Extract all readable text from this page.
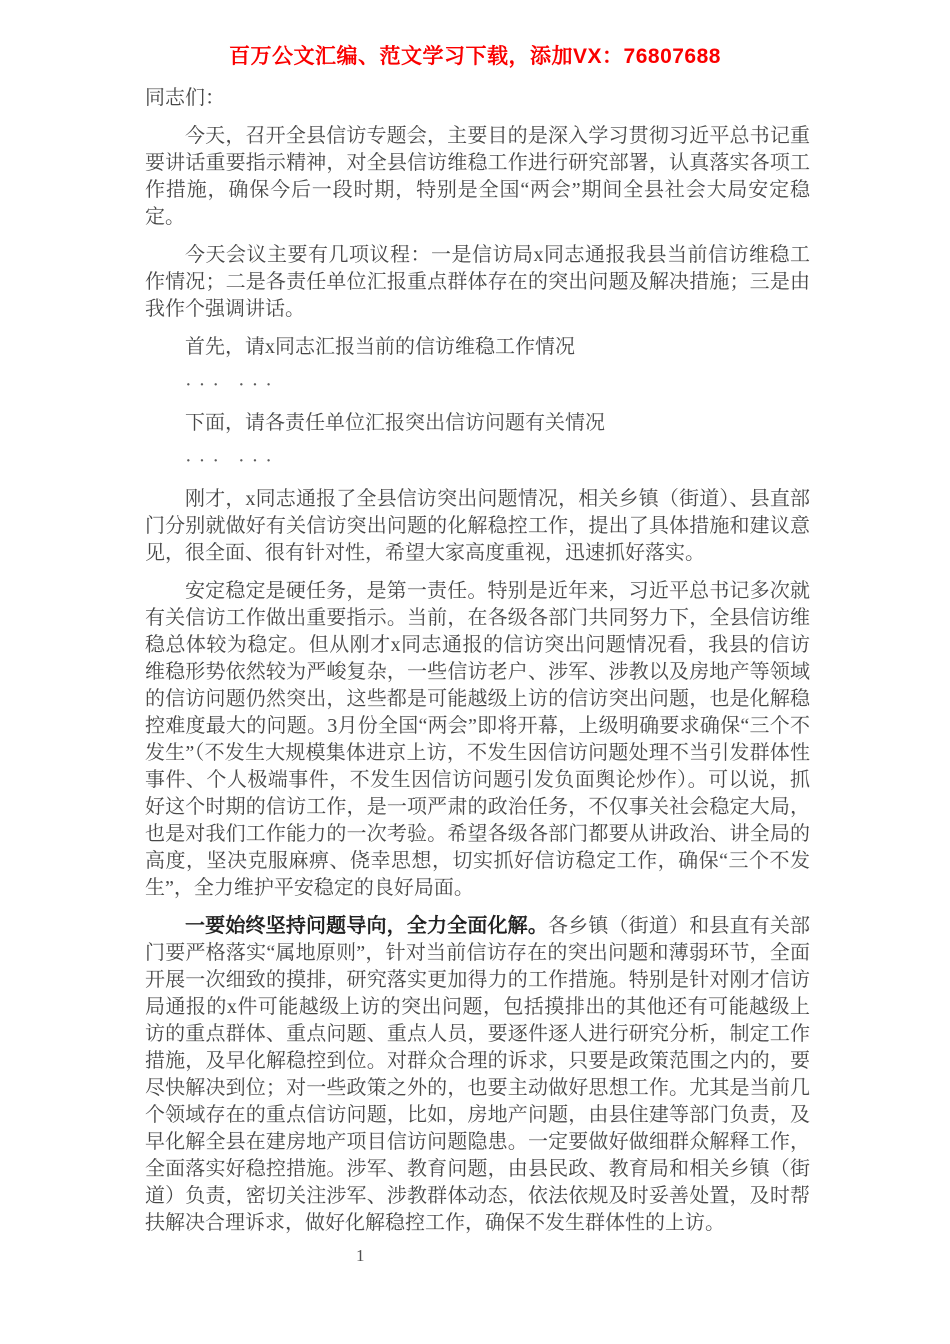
百万公文汇编、范文学习下载，添加VX：76807688

同志们：

今天，召开全县信访专题会，主要目的是深入学习贯彻习近平总书记重要讲话重要指示精神，对全县信访维稳工作进行研究部署，认真落实各项工作措施，确保今后一段时期，特别是全国“两会”期间全县社会大局安定稳定。

今天会议主要有几项议程：一是信访局x同志通报我县当前信访维稳工作情况；二是各责任单位汇报重点群体存在的突出问题及解决措施；三是由我作个强调讲话。

首先，请x同志汇报当前的信访维稳工作情况

··· ···

下面，请各责任单位汇报突出信访问题有关情况

··· ···

刚才，x同志通报了全县信访突出问题情况，相关乡镇（街道）、县直部门分别就做好有关信访突出问题的化解稳控工作，提出了具体措施和建议意见，很全面、很有针对性，希望大家高度重视，迅速抓好落实。

安定稳定是硬任务，是第一责任。特别是近年来，习近平总书记多次就有关信访工作做出重要指示。当前，在各级各部门共同努力下，全县信访维稳总体较为稳定。但从刚才x同志通报的信访突出问题情况看，我县的信访维稳形势依然较为严峻复杂，一些信访老户、涉军、涉教以及房地产等领域的信访问题仍然突出，这些都是可能越级上访的信访突出问题，也是化解稳控难度最大的问题。3月份全国“两会”即将开幕，上级明确要求确保“三个不发生”（不发生大规模集体进京上访，不发生因信访问题处理不当引发群体性事件、个人极端事件，不发生因信访问题引发负面舆论炒作）。可以说，抓好这个时期的信访工作，是一项严肃的政治任务，不仅事关社会稳定大局，也是对我们工作能力的一次考验。希望各级各部门都要从讲政治、讲全局的高度，坚决克服麻痹、侥幸思想，切实抓好信访稳定工作，确保“三个不发生”，全力维护平安稳定的良好局面。

一要始终坚持问题导向，全力全面化解。各乡镇（街道）和县直有关部门要严格落实“属地原则”，针对当前信访存在的突出问题和薄弱环节，全面开展一次细致的摸排，研究落实更加得力的工作措施。特别是针对刚才信访局通报的x件可能越级上访的突出问题，包括摸排出的其他还有可能越级上访的重点群体、重点问题、重点人员，要逐件逐人进行研究分析，制定工作措施，及早化解稳控到位。对群众合理的诉求，只要是政策范围之内的，要尽快解决到位；对一些政策之外的，也要主动做好思想工作。尤其是当前几个领域存在的重点信访问题，比如，房地产问题，由县住建等部门负责，及早化解全县在建房地产项目信访问题隐患。一定要做好做细群众解释工作，全面落实好稳控措施。涉军、教育问题，由县民政、教育局和相关乡镇（街道）负责，密切关注涉军、涉教群体动态，依法依规及时妥善处置，及时帮扶解决合理诉求，做好化解稳控工作，确保不发生群体性的上访。

1
